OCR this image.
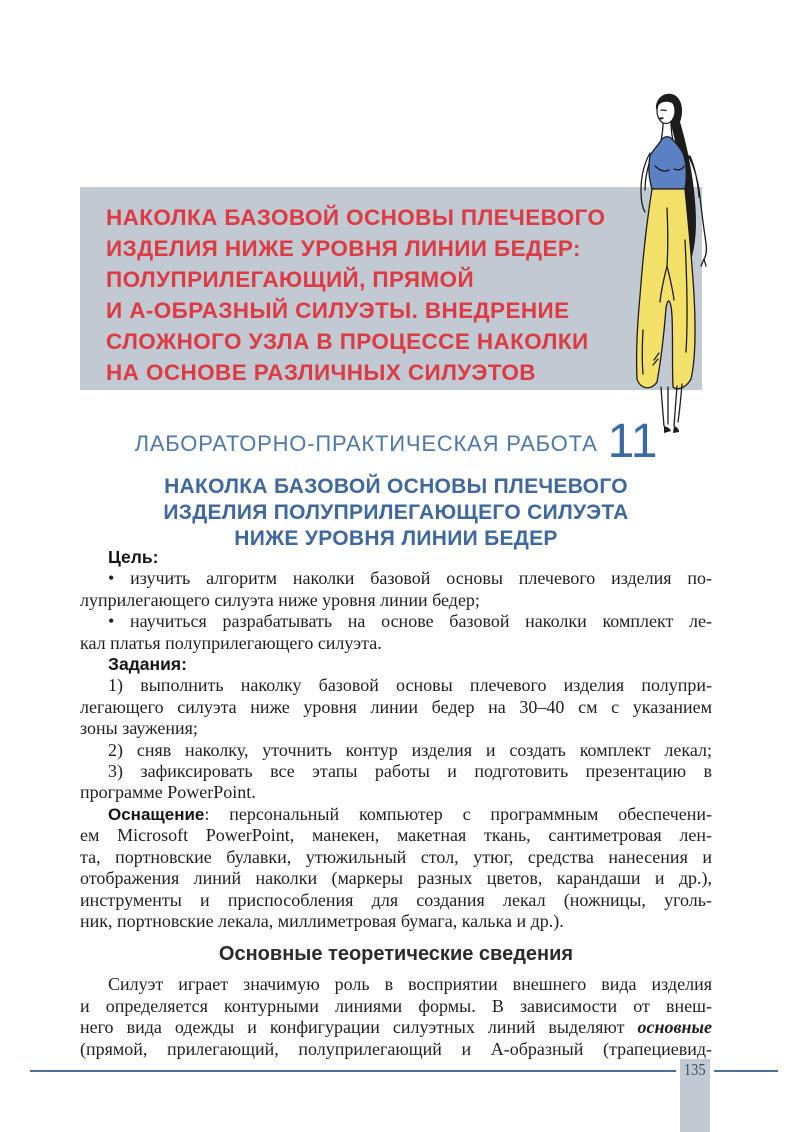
НАКОЛКА БАЗОВОЙ ОСНОВЫ ПЛЕЧЕВОГО
ИЗДЕЛИЯ НИЖЕ УРОВНЯ ЛИНИИ БЕДЕР:
ПОЛУПРИЛЕГАЮЩИЙ, ПРЯМОЙ
И А-ОБРАЗНЫЙ СИЛУЭТЫ. ВНЕДРЕНИЕ
СЛОЖНОГО УЗЛА В ПРОЦЕССЕ НАКОЛКИ
НА ОСНОВЕ РАЗЛИЧНЫХ СИЛУЭТОВ
ЛАБОРАТОРНО-ПРАКТИЧЕСКАЯ РАБОТА 11
НАКОЛКА БАЗОВОЙ ОСНОВЫ ПЛЕЧЕВОГО
ИЗДЕЛИЯ ПОЛУПРИЛЕГАЮЩЕГО СИЛУЭТА
НИЖЕ УРОВНЯ ЛИНИИ БЕДЕР
Цель:
• изучить алгоритм наколки базовой основы плечевого изделия по-
луприлегающего силуэта ниже уровня линии бедер;
• научиться разрабатывать на основе базовой наколки комплект ле-
кал платья полуприлегающего силуэта.
Задания:
1) выполнить наколку базовой основы плечевого изделия полупри-
легающего силуэта ниже уровня линии бедер на 30–40 см с указанием
зоны заужения;
2) сняв наколку, уточнить контур изделия и создать комплект лекал;
3) зафиксировать все этапы работы и подготовить презентацию в
программе PowerPoint.
Оснащение: персональный компьютер с программным обеспечени-
ем Microsoft PowerPoint, манекен, макетная ткань, сантиметровая лен-
та, портновские булавки, утюжильный стол, утюг, средства нанесения и
отображения линий наколки (маркеры разных цветов, карандаши и др.),
инструменты и приспособления для создания лекал (ножницы, уголь-
ник, портновские лекала, миллиметровая бумага, калька и др.).
Основные теоретические сведения
Силуэт играет значимую роль в восприятии внешнего вида изделия
и определяется контурными линиями формы. В зависимости от внеш-
него вида одежды и конфигурации силуэтных линий выделяют основные
(прямой, прилегающий, полуприлегающий и А-образный (трапециевид-
135
